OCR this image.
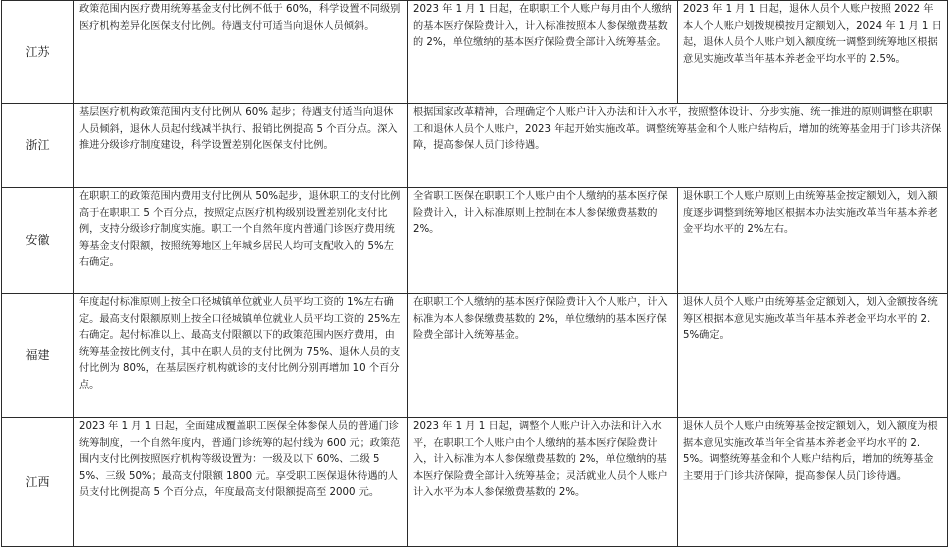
江苏	政策范围内医疗费用统筹基金支付比例不低于 60%，科学设置不同级别医疗机构差异化医保支付比例。待遇支付可适当向退休人员倾斜。	2023 年 1 月 1 日起，在职职工个人账户每月由个人缴纳的基本医疗保险费计入，计入标准按照本人参保缴费基数的 2%，单位缴纳的基本医疗保险费全部计入统筹基金。	2023 年 1 月 1 日起，退休人员个人账户按照 2022 年本人个人账户划拨规模按月定额划入，2024 年 1 月 1 日起，退休人员个人账户划入额度统一调整到统筹地区根据意见实施改革当年基本养老金平均水平的 2.5%。
浙江	基层医疗机构政策范围内支付比例从 60% 起步；待遇支付适当向退休人员倾斜，退休人员起付线减半执行、报销比例提高 5 个百分点。深入推进分级诊疗制度建设，科学设置差别化医保支付比例。	根据国家改革精神，合理确定个人账户计入办法和计入水平，按照整体设计、分步实施、统一推进的原则调整在职职工和退休人员个人账户，2023 年起开始实施改革。调整统筹基金和个人账户结构后，增加的统筹基金用于门诊共济保障，提高参保人员门诊待遇。	
安徽	在职职工的政策范围内费用支付比例从 50%起步，退休职工的支付比例高于在职职工 5 个百分点，按照定点医疗机构级别设置差别化支付比例，支持分级诊疗制度实施。职工一个自然年度内普通门诊医疗费用统筹基金支付限额，按照统筹地区上年城乡居民人均可支配收入的 5%左右确定。	全省职工医保在职职工个人账户由个人缴纳的基本医疗保险费计入，计入标准原则上控制在本人参保缴费基数的 2%。	退休职工个人账户原则上由统筹基金按定额划入，划入额度逐步调整到统筹地区根据本办法实施改革当年基本养老金平均水平的 2%左右。
福建	年度起付标准原则上按全口径城镇单位就业人员平均工资的 1%左右确定。最高支付限额原则上按全口径城镇单位就业人员平均工资的 25%左右确定。起付标准以上、最高支付限额以下的政策范围内医疗费用，由统筹基金按比例支付，其中在职人员的支付比例为 75%、退休人员的支付比例为 80%，在基层医疗机构就诊的支付比例分别再增加 10 个百分点。	在职职工个人缴纳的基本医疗保险费计入个人账户，计入标准为本人参保缴费基数的 2%，单位缴纳的基本医疗保险费全部计入统筹基金。	退休人员个人账户由统筹基金定额划入，划入金额按各统筹区根据本意见实施改革当年基本养老金平均水平的 2.5%确定。
江西	2023 年 1 月 1 日起，全面建成覆盖职工医保全体参保人员的普通门诊统筹制度，一个自然年度内，普通门诊统筹的起付线为 600 元；政策范围内支付比例按照医疗机构等级设置为：一级及以下 60%、二级 55%、三级 50%；最高支付限额 1800 元。享受职工医保退休待遇的人员支付比例提高 5 个百分点，年度最高支付限额提高至 2000 元。	2023 年 1 月 1 日起，调整个人账户计入办法和计入水平，在职职工个人账户由个人缴纳的基本医疗保险费计入，计入标准为本人参保缴费基数的 2%，单位缴纳的基本医疗保险费全部计入统筹基金；灵活就业人员个人账户计入水平为本人参保缴费基数的 2%。	退休人员个人账户由统筹基金按定额划入，划入额度为根据本意见实施改革当年全省基本养老金平均水平的 2.5%。调整统筹基金和个人账户结构后，增加的统筹基金主要用于门诊共济保障，提高参保人员门诊待遇。
